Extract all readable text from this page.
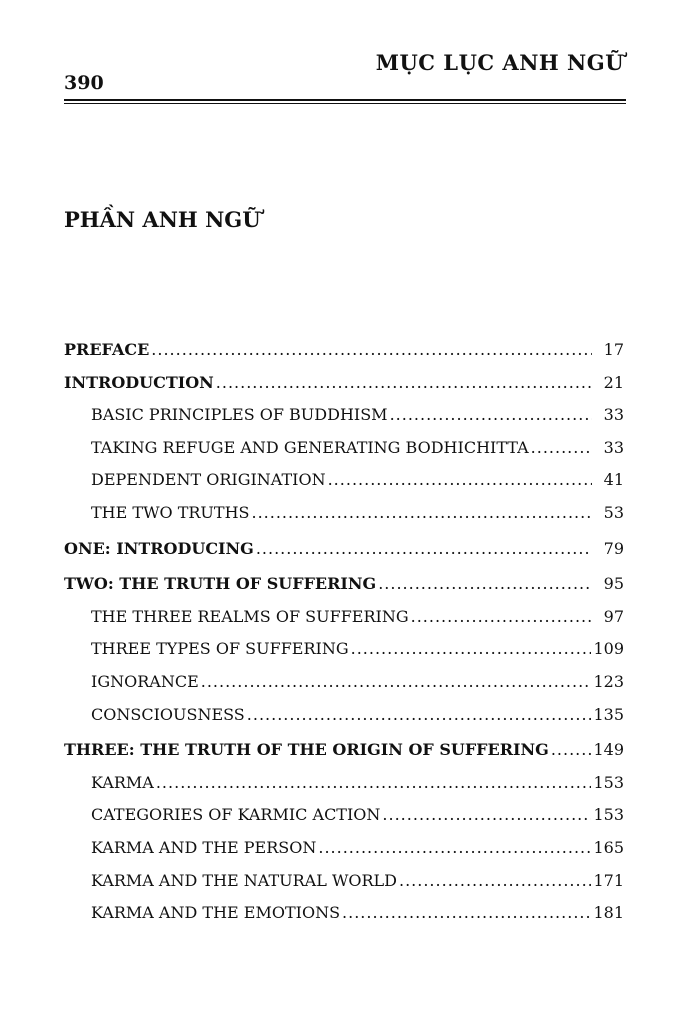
MỤC LỤC ANH NGỮ
390
PHẦN ANH NGỮ
PREFACE .....	17
INTRODUCTION .....	21
BASIC PRINCIPLES OF BUDDHISM .....	33
TAKING REFUGE AND GENERATING BODHICHITTA .....	33
DEPENDENT ORIGINATION .....	41
THE TWO TRUTHS .....	53
ONE: INTRODUCING .....	79
TWO: THE TRUTH OF SUFFERING .....	95
THE THREE REALMS OF SUFFERING .....	97
THREE TYPES OF SUFFERING .....	109
IGNORANCE .....	123
CONSCIOUSNESS .....	135
THREE: THE TRUTH OF THE ORIGIN OF SUFFERING .....	149
KARMA .....	153
CATEGORIES OF KARMIC ACTION .....	153
KARMA AND THE PERSON .....	165
KARMA AND THE NATURAL WORLD .....	171
KARMA AND THE EMOTIONS .....	181
